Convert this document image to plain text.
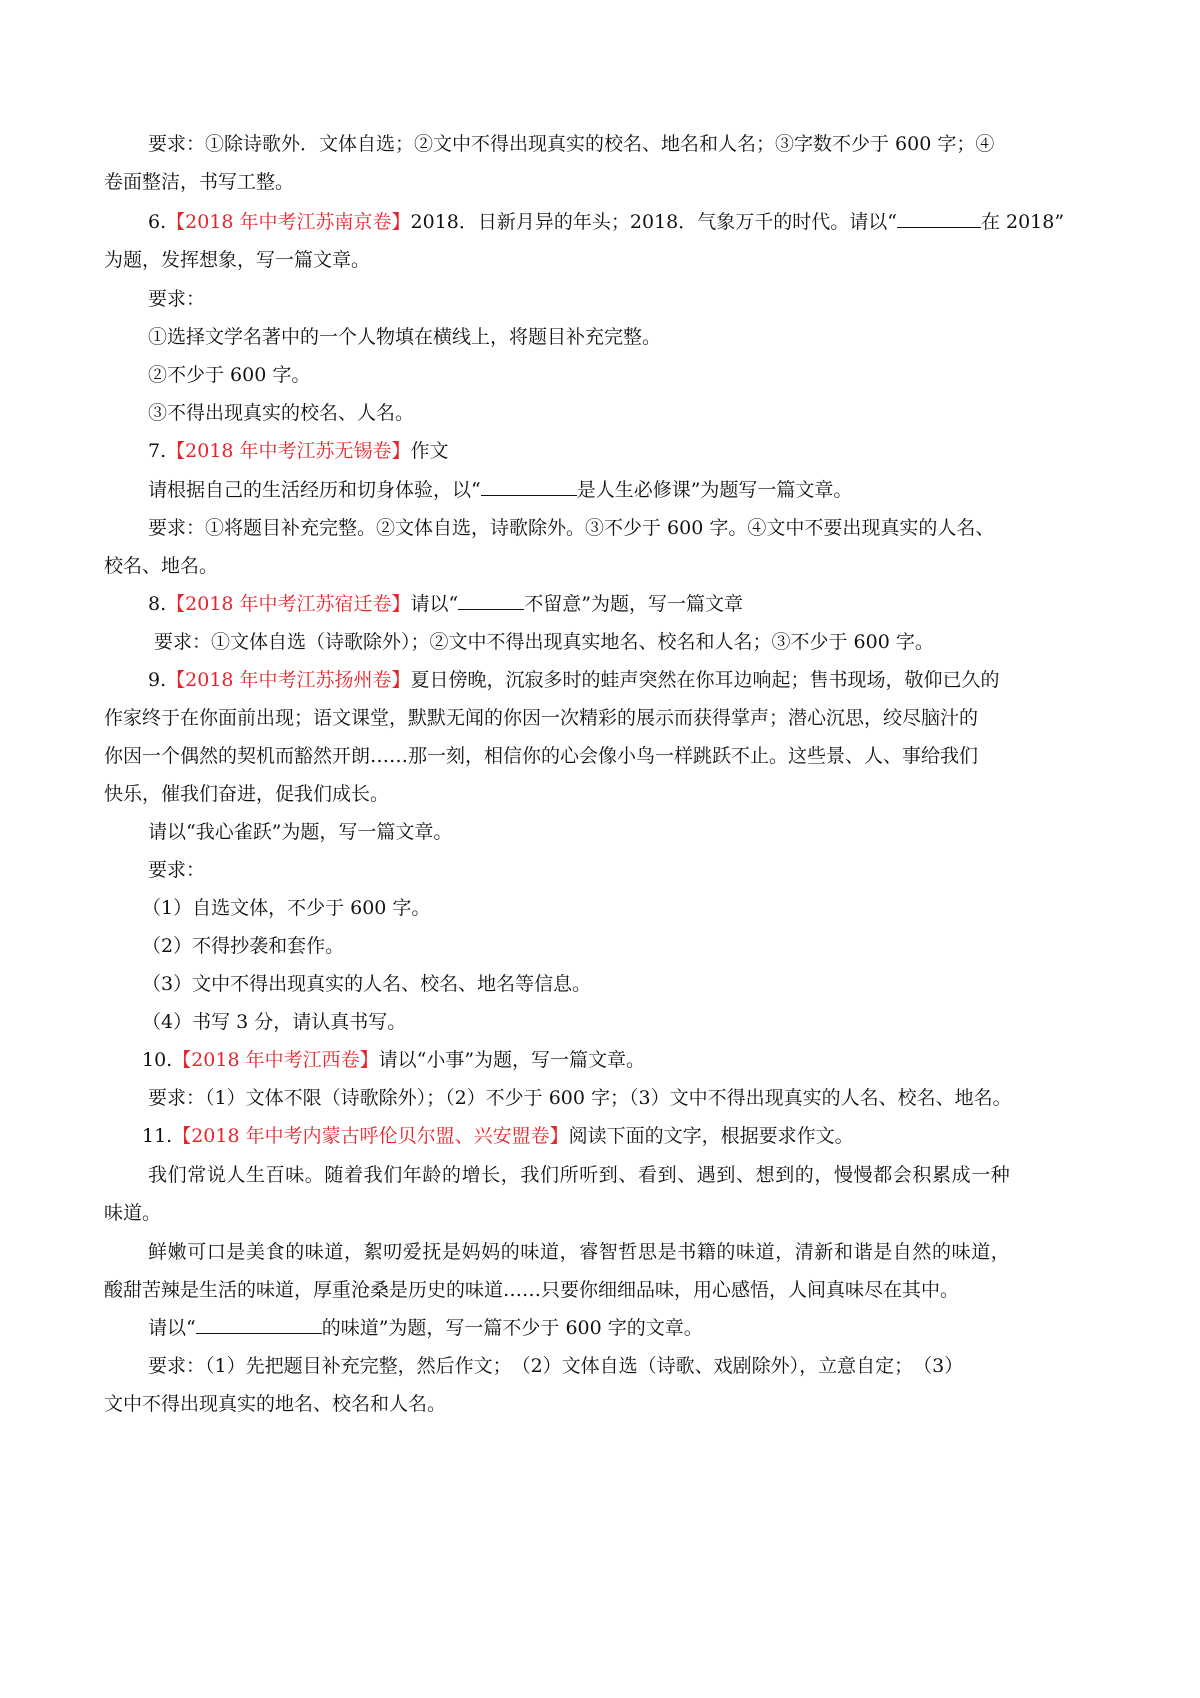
要求：①除诗歌外．文体自选；②文中不得出现真实的校名、地名和人名；③字数不少于 600 字；④
卷面整洁，书写工整。
6.【2018 年中考江苏南京卷】2018．日新月异的年头；2018．气象万千的时代。请以“	在 2018”
为题，发挥想象，写一篇文章。
要求：
①选择文学名著中的一个人物填在横线上，将题目补充完整。
②不少于 600 字。
③不得出现真实的校名、人名。
7.【2018 年中考江苏无锡卷】作文
请根据自己的生活经历和切身体验，以“	是人生必修课”为题写一篇文章。
要求：①将题目补充完整。②文体自选，诗歌除外。③不少于 600 字。④文中不要出现真实的人名、
校名、地名。
8.【2018 年中考江苏宿迁卷】请以“	不留意”为题，写一篇文章
要求：①文体自选（诗歌除外）；②文中不得出现真实地名、校名和人名；③不少于 600 字。
9.【2018 年中考江苏扬州卷】夏日傍晚，沉寂多时的蛙声突然在你耳边响起；售书现场，敬仰已久的
作家终于在你面前出现；语文课堂，默默无闻的你因一次精彩的展示而获得掌声；潜心沉思，绞尽脑汁的
你因一个偶然的契机而豁然开朗……那一刻，相信你的心会像小鸟一样跳跃不止。这些景、人、事给我们
快乐，催我们奋进，促我们成长。
请以“我心雀跃”为题，写一篇文章。
要求：
（1）自选文体，不少于 600 字。
（2）不得抄袭和套作。
（3）文中不得出现真实的人名、校名、地名等信息。
（4）书写 3 分，请认真书写。
10.【2018 年中考江西卷】请以“小事”为题，写一篇文章。
要求：（1）文体不限（诗歌除外）；（2）不少于 600 字；（3）文中不得出现真实的人名、校名、地名。
11.【2018 年中考内蒙古呼伦贝尔盟、兴安盟卷】阅读下面的文字，根据要求作文。
我们常说人生百味。随着我们年龄的增长，我们所听到、看到、遇到、想到的，慢慢都会积累成一种
味道。
鲜嫩可口是美食的味道，絮叨爱抚是妈妈的味道，睿智哲思是书籍的味道，清新和谐是自然的味道，
酸甜苦辣是生活的味道，厚重沧桑是历史的味道……只要你细细品味，用心感悟，人间真味尽在其中。
请以“	的味道”为题，写一篇不少于 600 字的文章。
要求：（1）先把题目补充完整，然后作文；　（2）文体自选（诗歌、戏剧除外），立意自定；　（3）
文中不得出现真实的地名、校名和人名。
